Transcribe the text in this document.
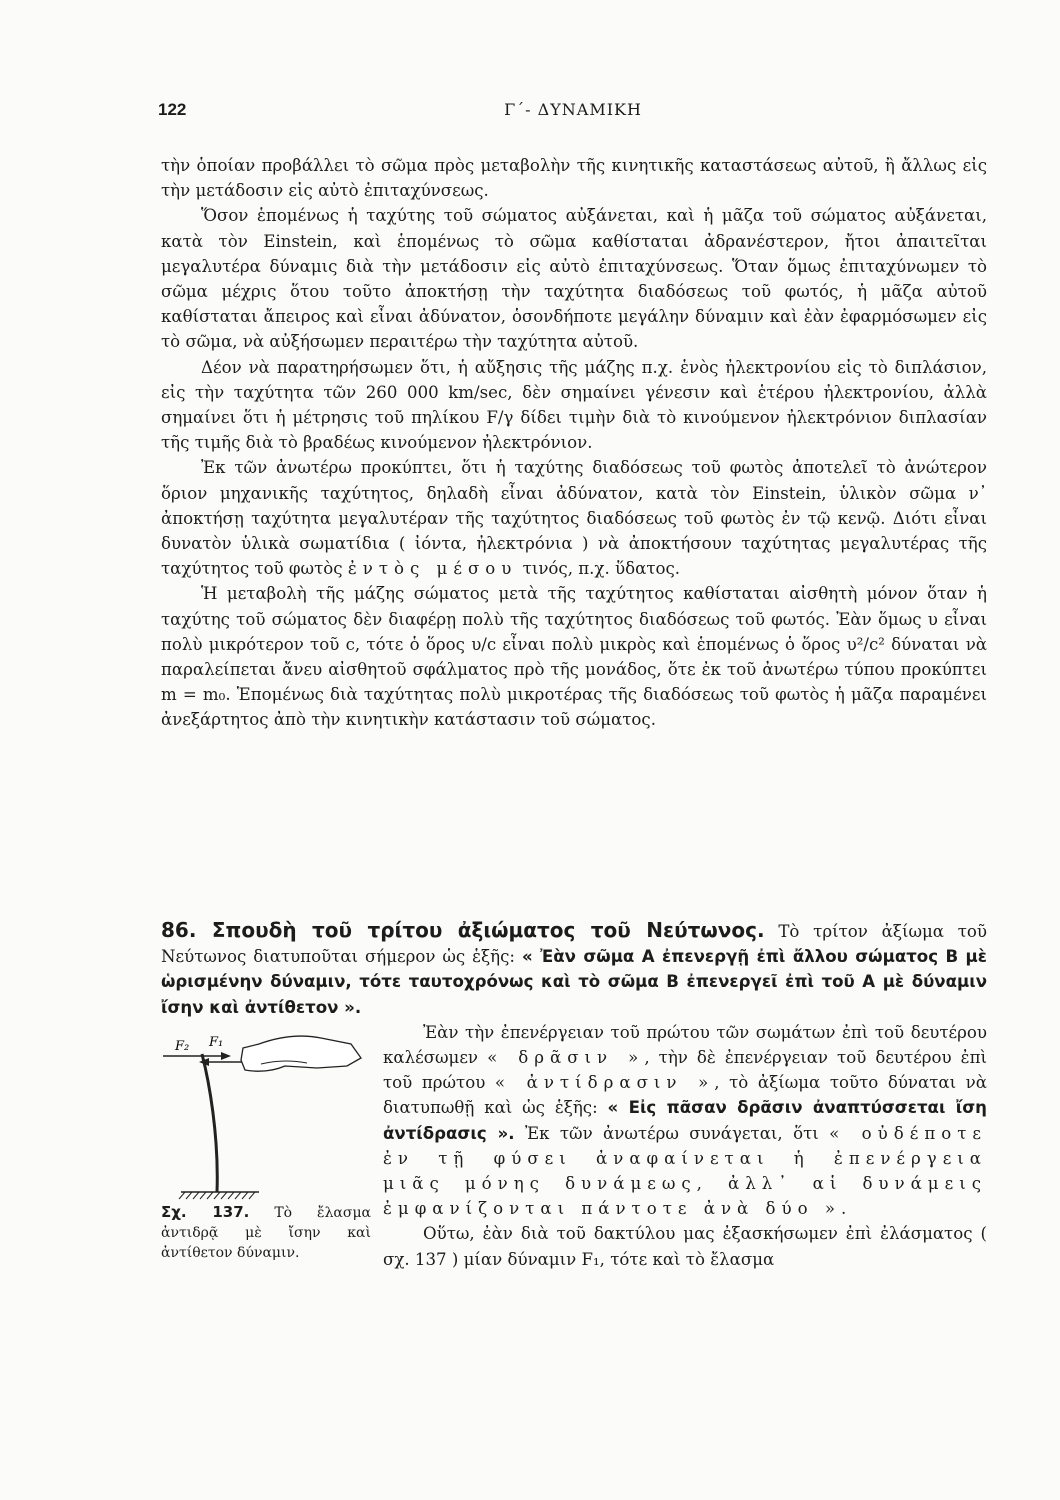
122	Γ΄- ΔΥΝΑΜΙΚΗ

τὴν ὁποίαν προβάλλει τὸ σῶμα πρὸς μεταβολὴν τῆς κινητικῆς καταστάσεως αὐτοῦ, ἢ ἄλλως εἰς τὴν μετάδοσιν εἰς αὐτὸ ἐπιταχύνσεως.

Ὅσον ἑπομένως ἡ ταχύτης τοῦ σώματος αὐξάνεται, καὶ ἡ μᾶζα τοῦ σώματος αὐξάνεται, κατὰ τὸν Einstein, καὶ ἑπομένως τὸ σῶμα καθίσταται ἀδρανέστερον, ἤτοι ἀπαιτεῖται μεγαλυτέρα δύναμις διὰ τὴν μετάδοσιν εἰς αὐτὸ ἐπιταχύνσεως. Ὅταν ὅμως ἐπιταχύνωμεν τὸ σῶμα μέχρις ὅτου τοῦτο ἀποκτήσῃ τὴν ταχύτητα διαδόσεως τοῦ φωτός, ἡ μᾶζα αὐτοῦ καθίσταται ἄπειρος καὶ εἶναι ἀδύνατον, ὁσονδήποτε μεγάλην δύναμιν καὶ ἐὰν ἐφαρμόσωμεν εἰς τὸ σῶμα, νὰ αὐξήσωμεν περαιτέρω τὴν ταχύτητα αὐτοῦ.

Δέον νὰ παρατηρήσωμεν ὅτι, ἡ αὔξησις τῆς μάζης π.χ. ἑνὸς ἠλεκτρονίου εἰς τὸ διπλάσιον, εἰς τὴν ταχύτητα τῶν 260 000 km/sec, δὲν σημαίνει γένεσιν καὶ ἑτέρου ἠλεκτρονίου, ἀλλὰ σημαίνει ὅτι ἡ μέτρησις τοῦ πηλίκου F/γ δίδει τιμὴν διὰ τὸ κινούμενον ἠλεκτρόνιον διπλασίαν τῆς τιμῆς διὰ τὸ βραδέως κινούμενον ἠλεκτρόνιον.

Ἐκ τῶν ἀνωτέρω προκύπτει, ὅτι ἡ ταχύτης διαδόσεως τοῦ φωτὸς ἀποτελεῖ τὸ ἀνώτερον ὅριον μηχανικῆς ταχύτητος, δηλαδὴ εἶναι ἀδύνατον, κατὰ τὸν Einstein, ὑλικὸν σῶμα ν᾽ ἀποκτήσῃ ταχύτητα μεγαλυτέραν τῆς ταχύτητος διαδόσεως τοῦ φωτὸς ἐν τῷ κενῷ. Διότι εἶναι δυνατὸν ὑλικὰ σωματίδια ( ἰόντα, ἠλεκτρόνια ) νὰ ἀποκτήσουν ταχύτητας μεγαλυτέρας τῆς ταχύτητος τοῦ φωτὸς ἐντὸς μέσου τινός, π.χ. ὕδατος.

Ἡ μεταβολὴ τῆς μάζης σώματος μετὰ τῆς ταχύτητος καθίσταται αἰσθητὴ μόνον ὅταν ἡ ταχύτης τοῦ σώματος δὲν διαφέρῃ πολὺ τῆς ταχύτητος διαδόσεως τοῦ φωτός. Ἐὰν ὅμως υ εἶναι πολὺ μικρότερον τοῦ c, τότε ὁ ὅρος υ/c εἶναι πολὺ μικρὸς καὶ ἑπομένως ὁ ὅρος υ²/c² δύναται νὰ παραλείπεται ἄνευ αἰσθητοῦ σφάλματος πρὸ τῆς μονάδος, ὅτε ἐκ τοῦ ἀνωτέρω τύπου προκύπτει m = m₀. Ἑπομένως διὰ ταχύτητας πολὺ μικροτέρας τῆς διαδόσεως τοῦ φωτὸς ἡ μᾶζα παραμένει ἀνεξάρτητος ἀπὸ τὴν κινητικὴν κατάστασιν τοῦ σώματος.

86. Σπουδὴ τοῦ τρίτου ἀξιώματος τοῦ Νεύτωνος. Τὸ τρίτον ἀξίωμα τοῦ Νεύτωνος διατυποῦται σήμερον ὡς ἑξῆς: « Ἐὰν σῶμα Α ἐπενεργῇ ἐπὶ ἄλλου σώματος Β μὲ ὡρισμένην δύναμιν, τότε ταυτοχρόνως καὶ τὸ σῶμα Β ἐπενεργεῖ ἐπὶ τοῦ Α μὲ δύναμιν ἴσην καὶ ἀντίθετον ».

F₂ F₁
Σχ. 137. Τὸ ἔλασμα ἀντιδρᾷ μὲ ἴσην καὶ ἀντίθετον δύναμιν.

Ἐὰν τὴν ἐπενέργειαν τοῦ πρώτου τῶν σωμάτων ἐπὶ τοῦ δευτέρου καλέσωμεν « δρᾶσιν », τὴν δὲ ἐπενέργειαν τοῦ δευτέρου ἐπὶ τοῦ πρώτου « ἀντίδρασιν », τὸ ἀξίωμα τοῦτο δύναται νὰ διατυπωθῇ καὶ ὡς ἑξῆς: « Εἰς πᾶσαν δρᾶσιν ἀναπτύσσεται ἴση ἀντίδρασις ». Ἐκ τῶν ἀνωτέρω συνάγεται, ὅτι « οὐδέποτε ἐν τῇ φύσει ἀναφαίνεται ἡ ἐπενέργεια μιᾶς μόνης δυνάμεως, ἀλλ᾽ αἱ δυνάμεις ἐμφανίζονται πάντοτε ἀνὰ δύο ».

Οὕτω, ἐὰν διὰ τοῦ δακτύλου μας ἐξασκήσωμεν ἐπὶ ἐλάσματος ( σχ. 137 ) μίαν δύναμιν F₁, τότε καὶ τὸ ἔλασμα
